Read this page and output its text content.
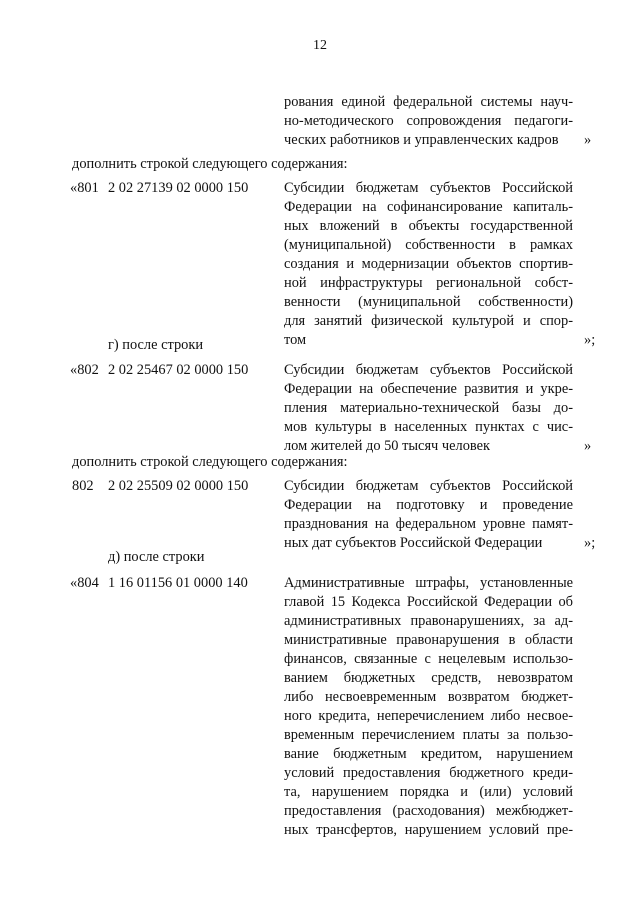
12
рования единой федеральной системы науч-
но-методического сопровождения педагоги-
ческих работников и управленческих кадров	»
дополнить строкой следующего содержания:
«801 2 02 27139 02 0000 150 Субсидии бюджетам субъектов Российской
Федерации на софинансирование капиталь-
ных вложений в объекты государственной
(муниципальной) собственности в рамках
создания и модернизации объектов спортив-
ной инфраструктуры региональной собст-
венности (муниципальной собственности)
для занятий физической культурой и спор-
том	»;
г) после строки
«802 2 02 25467 02 0000 150 Субсидии бюджетам субъектов Российской
Федерации на обеспечение развития и укре-
пления материально-технической базы до-
мов культуры в населенных пунктах с чис-
лом жителей до 50 тысяч человек	»
дополнить строкой следующего содержания:
802 2 02 25509 02 0000 150 Субсидии бюджетам субъектов Российской
Федерации на подготовку и проведение
празднования на федеральном уровне памят-
ных дат субъектов Российской Федерации	»;
д) после строки
«804 1 16 01156 01 0000 140	Административные штрафы, установленные
главой 15 Кодекса Российской Федерации об
административных правонарушениях, за ад-
министративные правонарушения в области
финансов, связанные с нецелевым использо-
ванием бюджетных средств, невозвратом
либо несвоевременным возвратом бюджет-
ного кредита, неперечислением либо несвое-
временным перечислением платы за пользо-
вание бюджетным кредитом, нарушением
условий предоставления бюджетного креди-
та, нарушением порядка и (или) условий
предоставления (расходования) межбюджет-
ных трансфертов, нарушением условий пре-
